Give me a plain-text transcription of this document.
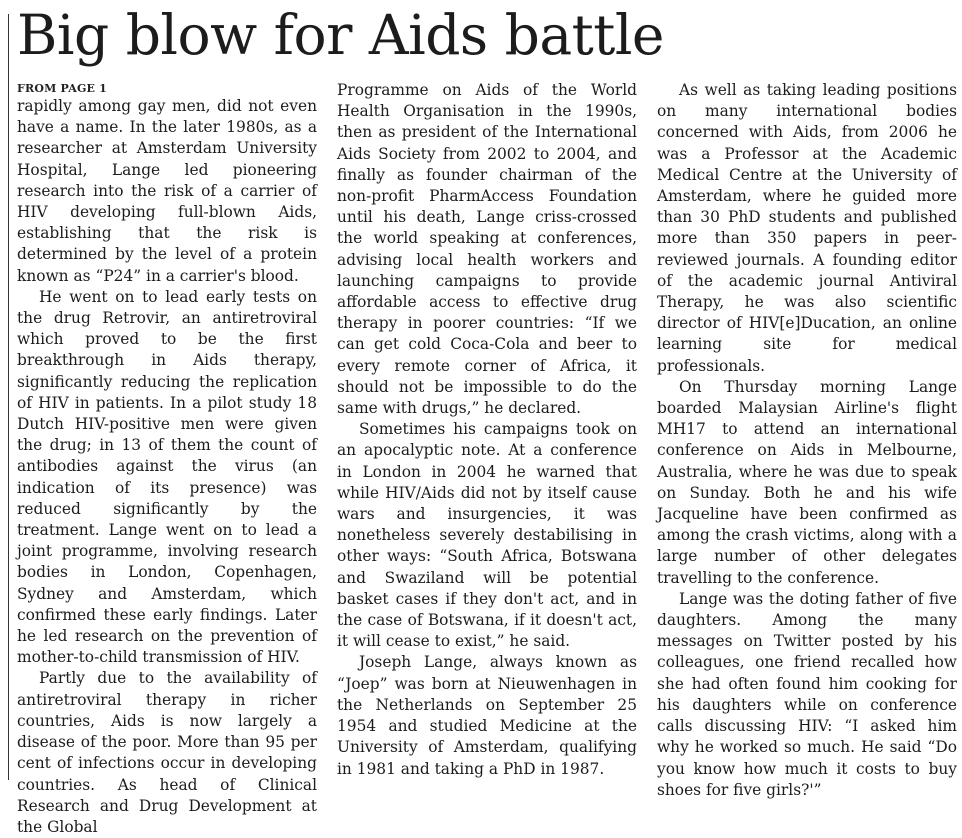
Big blow for Aids battle
FROM PAGE 1

rapidly among gay men, did not even have a name. In the later 1980s, as a researcher at Amsterdam University Hospital, Lange led pioneering research into the risk of a carrier of HIV developing full-blown Aids, establishing that the risk is determined by the level of a protein known as “P24” in a carrier's blood.

He went on to lead early tests on the drug Retrovir, an antiretroviral which proved to be the first breakthrough in Aids therapy, significantly reducing the replication of HIV in patients. In a pilot study 18 Dutch HIV-positive men were given the drug; in 13 of them the count of antibodies against the virus (an indication of its presence) was reduced significantly by the treatment. Lange went on to lead a joint programme, involving research bodies in London, Copenhagen, Sydney and Amsterdam, which confirmed these early findings. Later he led research on the prevention of mother-to-child transmission of HIV.

Partly due to the availability of antiretroviral therapy in richer countries, Aids is now largely a disease of the poor. More than 95 per cent of infections occur in developing countries. As head of Clinical Research and Drug Development at the Global

Programme on Aids of the World Health Organisation in the 1990s, then as president of the International Aids Society from 2002 to 2004, and finally as founder chairman of the non-profit PharmAccess Foundation until his death, Lange criss-crossed the world speaking at conferences, advising local health workers and launching campaigns to provide affordable access to effective drug therapy in poorer countries: “If we can get cold Coca-Cola and beer to every remote corner of Africa, it should not be impossible to do the same with drugs,” he declared.

Sometimes his campaigns took on an apocalyptic note. At a conference in London in 2004 he warned that while HIV/Aids did not by itself cause wars and insurgencies, it was nonetheless severely destabilising in other ways: “South Africa, Botswana and Swaziland will be potential basket cases if they don't act, and in the case of Botswana, if it doesn't act, it will cease to exist,” he said.

Joseph Lange, always known as “Joep” was born at Nieuwenhagen in the Netherlands on September 25 1954 and studied Medicine at the University of Amsterdam, qualifying in 1981 and taking a PhD in 1987.

As well as taking leading positions on many international bodies concerned with Aids, from 2006 he was a Professor at the Academic Medical Centre at the University of Amsterdam, where he guided more than 30 PhD students and published more than 350 papers in peer-reviewed journals. A founding editor of the academic journal Antiviral Therapy, he was also scientific director of HIV[e]Ducation, an online learning site for medical professionals.

On Thursday morning Lange boarded Malaysian Airline's flight MH17 to attend an international conference on Aids in Melbourne, Australia, where he was due to speak on Sunday. Both he and his wife Jacqueline have been confirmed as among the crash victims, along with a large number of other delegates travelling to the conference.

Lange was the doting father of five daughters. Among the many messages on Twitter posted by his colleagues, one friend recalled how she had often found him cooking for his daughters while on conference calls discussing HIV: “I asked him why he worked so much. He said “Do you know how much it costs to buy shoes for five girls?'”
